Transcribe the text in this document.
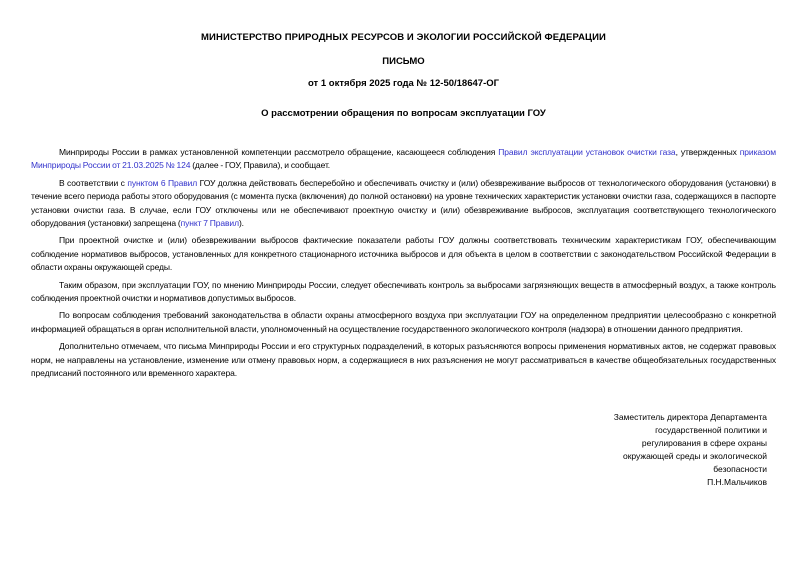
МИНИСТЕРСТВО ПРИРОДНЫХ РЕСУРСОВ И ЭКОЛОГИИ РОССИЙСКОЙ ФЕДЕРАЦИИ
ПИСЬМО
от 1 октября 2025 года № 12-50/18647-ОГ
О рассмотрении обращения по вопросам эксплуатации ГОУ

Минприроды России в рамках установленной компетенции рассмотрело обращение, касающееся соблюдения Правил эксплуатации установок очистки газа, утвержденных приказом Минприроды России от 21.03.2025 № 124 (далее - ГОУ, Правила), и сообщает.

В соответствии с пунктом 6 Правил ГОУ должна действовать бесперебойно и обеспечивать очистку и (или) обезвреживание выбросов от технологического оборудования (установки) в течение всего периода работы этого оборудования (с момента пуска (включения) до полной остановки) на уровне технических характеристик установки очистки газа, содержащихся в паспорте установки очистки газа. В случае, если ГОУ отключены или не обеспечивают проектную очистку и (или) обезвреживание выбросов, эксплуатация соответствующего технологического оборудования (установки) запрещена (пункт 7 Правил).

При проектной очистке и (или) обезвреживании выбросов фактические показатели работы ГОУ должны соответствовать техническим характеристикам ГОУ, обеспечивающим соблюдение нормативов выбросов, установленных для конкретного стационарного источника выбросов и для объекта в целом в соответствии с законодательством Российской Федерации в области охраны окружающей среды.

Таким образом, при эксплуатации ГОУ, по мнению Минприроды России, следует обеспечивать контроль за выбросами загрязняющих веществ в атмосферный воздух, а также контроль соблюдения проектной очистки и нормативов допустимых выбросов.

По вопросам соблюдения требований законодательства в области охраны атмосферного воздуха при эксплуатации ГОУ на определенном предприятии целесообразно с конкретной информацией обращаться в орган исполнительной власти, уполномоченный на осуществление государственного экологического контроля (надзора) в отношении данного предприятия.

Дополнительно отмечаем, что письма Минприроды России и его структурных подразделений, в которых разъясняются вопросы применения нормативных актов, не содержат правовых норм, не направлены на установление, изменение или отмену правовых норм, а содержащиеся в них разъяснения не могут рассматриваться в качестве общеобязательных государственных предписаний постоянного или временного характера.

Заместитель директора Департамента
государственной политики и
регулирования в сфере охраны
окружающей среды и экологической
безопасности
П.Н.Мальчиков
